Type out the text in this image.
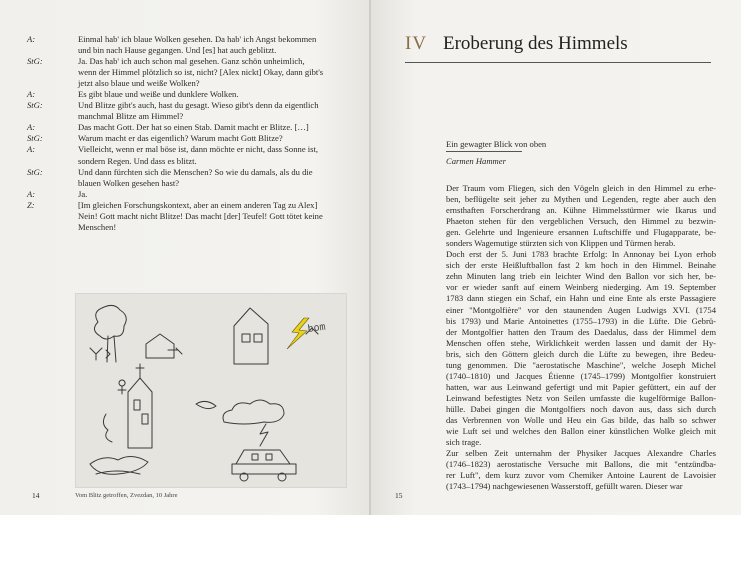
A:	Einmal hab' ich blaue Wolken gesehen. Da hab' ich Angst bekommen
und bin nach Hause gegangen. Und [es] hat auch geblitzt.
StG:	Ja. Das hab' ich auch schon mal gesehen. Ganz schön unheimlich,
wenn der Himmel plötzlich so ist, nicht? [Alex nickt] Okay, dann gibt's
jetzt also blaue und weiße Wolken?
A:	Es gibt blaue und weiße und dunklere Wolken.
StG:	Und Blitze gibt's auch, hast du gesagt. Wieso gibt's denn da eigentlich
manchmal Blitze am Himmel?
A:	Das macht Gott. Der hat so einen Stab. Damit macht er Blitze. […]
StG:	Warum macht er das eigentlich? Warum macht Gott Blitze?
A:	Vielleicht, wenn er mal böse ist, dann möchte er nicht, dass Sonne ist,
sondern Regen. Und dass es blitzt.
StG:	Und dann fürchten sich die Menschen? So wie du damals, als du die
blauen Wolken gesehen hast?
A:	Ja.
Z:	[Im gleichen Forschungskontext, aber an einem anderen Tag zu Alex]
Nein! Gott macht nicht Blitze! Das macht [der] Teufel! Gott tötet keine
Menschen!
bom
Vom Blitz getroffen, Zvezdan, 10 Jahre
14
IV Eroberung des Himmels
Ein gewagter Blick von oben
Carmen Hammer
Der Traum vom Fliegen, sich den Vögeln gleich in den Himmel zu erhe-
ben, beflügelte seit jeher zu Mythen und Legenden, regte aber auch den
ernsthaften Forscherdrang an. Kühne Himmelsstürmer wie Ikarus und
Phaeton stehen für den vergeblichen Versuch, den Himmel zu bezwin-
gen. Gelehrte und Ingenieure ersannen Luftschiffe und Flugapparate, be-
sonders Wagemutige stürzten sich von Klippen und Türmen herab.
Doch erst der 5. Juni 1783 brachte Erfolg: In Annonay bei Lyon erhob
sich der erste Heißluftballon fast 2 km hoch in den Himmel. Beinahe
zehn Minuten lang trieb ein leichter Wind den Ballon vor sich her, be-
vor er wieder sanft auf einem Weinberg niederging. Am 19. September
1783 dann stiegen ein Schaf, ein Hahn und eine Ente als erste Passagiere
einer "Montgolfière" vor den staunenden Augen Ludwigs XVI. (1754
bis 1793) und Marie Antoinettes (1755–1793) in die Lüfte. Die Gebrü-
der Montgolfier hatten den Traum des Daedalus, dass der Himmel dem
Menschen offen stehe, Wirklichkeit werden lassen und damit der Hy-
bris, sich den Göttern gleich durch die Lüfte zu bewegen, ihre Bedeu-
tung genommen. Die "aerostatische Maschine", welche Joseph Michel
(1740–1810) und Jacques Étienne (1745–1799) Montgolfier konstruiert
hatten, war aus Leinwand gefertigt und mit Papier gefüttert, ein auf der
Leinwand befestigtes Netz von Seilen umfasste die kugelförmige Ballon-
hülle. Dabei gingen die Montgolfiers noch davon aus, dass sich durch
das Verbrennen von Wolle und Heu ein Gas bilde, das halb so schwer
wie Luft sei und welches den Ballon einer künstlichen Wolke gleich mit
sich trage.
Zur selben Zeit unternahm der Physiker Jacques Alexandre Charles
(1746–1823) aerostatische Versuche mit Ballons, die mit "entzündba-
rer Luft", dem kurz zuvor vom Chemiker Antoine Laurent de Lavoisier
(1743–1794) nachgewiesenen Wasserstoff, gefüllt waren. Dieser war
15
